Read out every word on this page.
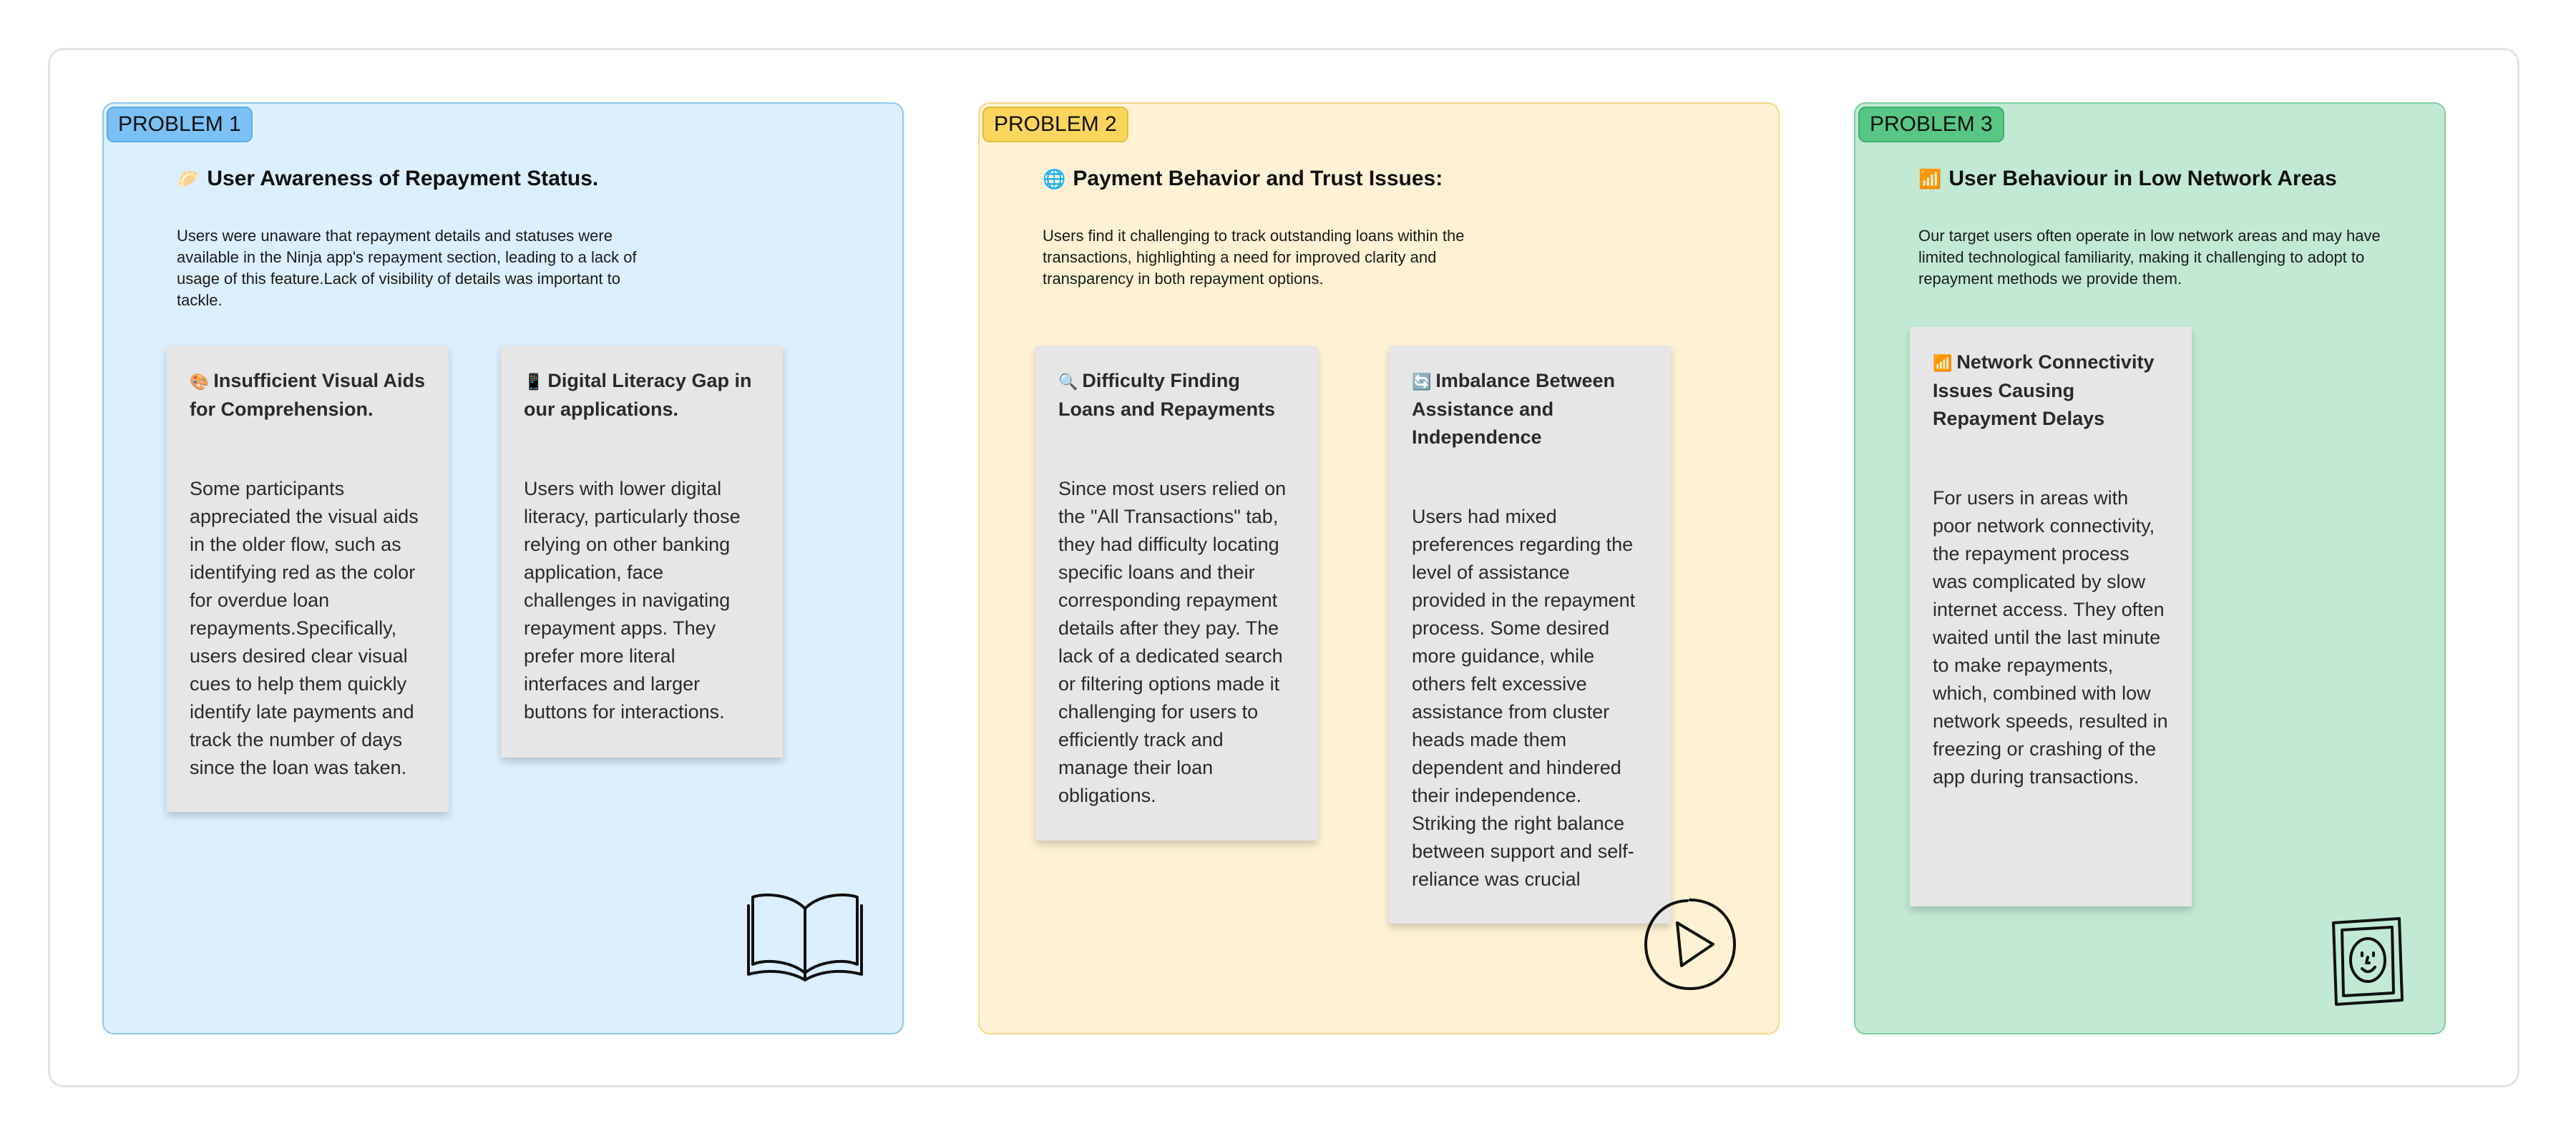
PROBLEM 1
🥟 User Awareness of Repayment Status.
Users were unaware that repayment details and statuses were available in the Ninja app's repayment section, leading to a lack of usage of this feature.Lack of visibility of details was important to tackle.
🎨 Insufficient Visual Aids for Comprehension.
Some participants appreciated the visual aids in the older flow, such as identifying red as the color for overdue loan repayments.Specifically, users desired clear visual cues to help them quickly identify late payments and track the number of days since the loan was taken.
📱 Digital Literacy Gap in our applications.
Users with lower digital literacy, particularly those relying on other banking application, face challenges in navigating repayment apps. They prefer more literal interfaces and larger buttons for interactions.
PROBLEM 2
🌐 Payment Behavior and Trust Issues:
Users find it challenging to track outstanding loans within the transactions, highlighting a need for improved clarity and transparency in both repayment options.
🔍 Difficulty Finding Loans and Repayments
Since most users relied on the "All Transactions" tab, they had difficulty locating specific loans and their corresponding repayment details after they pay. The lack of a dedicated search or filtering options made it challenging for users to efficiently track and manage their loan obligations.
🔄 Imbalance Between Assistance and Independence
Users had mixed preferences regarding the level of assistance provided in the repayment process. Some desired more guidance, while others felt excessive assistance from cluster heads made them dependent and hindered their independence. Striking the right balance between support and self-reliance was crucial
PROBLEM 3
📶 User Behaviour in Low Network Areas
Our target users often operate in low network areas and may have limited technological familiarity, making it challenging to adopt to repayment methods we provide them.
📶 Network Connectivity Issues Causing Repayment Delays
For users in areas with poor network connectivity, the repayment process was complicated by slow internet access. They often waited until the last minute to make repayments, which, combined with low network speeds, resulted in freezing or crashing of the app during transactions.
